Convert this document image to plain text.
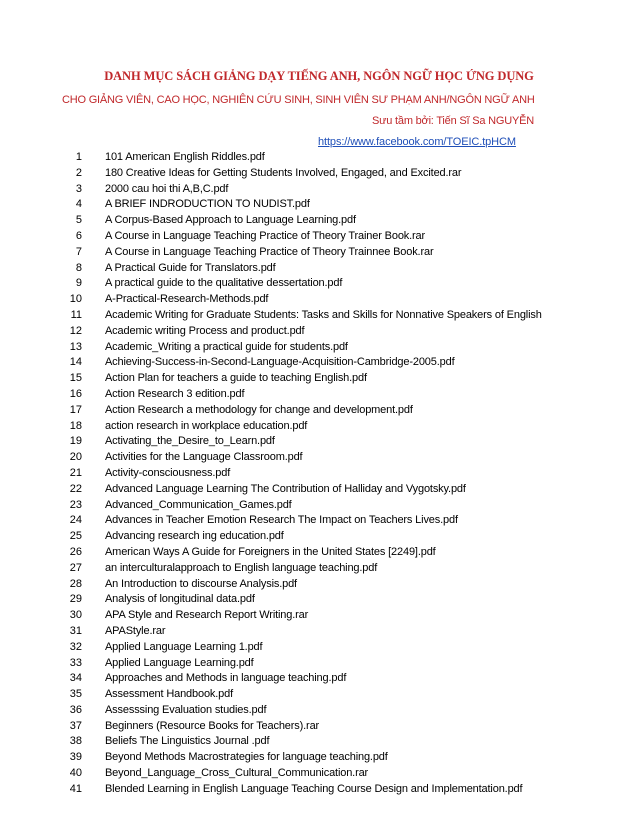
DANH MỤC SÁCH GIẢNG DẠY TIẾNG ANH, NGÔN NGỮ HỌC ỨNG DỤNG
CHO GIẢNG VIÊN, CAO HỌC, NGHIÊN CỨU SINH, SINH VIÊN SƯ PHẠM ANH/NGÔN NGỮ ANH
Sưu tầm bởi: Tiến Sĩ Sa NGUYỄN
https://www.facebook.com/TOEIC.tpHCM
1 101 American English Riddles.pdf
2 180 Creative Ideas for Getting Students Involved, Engaged, and Excited.rar
3 2000 cau hoi thi A,B,C.pdf
4 A BRIEF INDRODUCTION TO NUDIST.pdf
5 A Corpus-Based Approach to Language Learning.pdf
6 A Course in Language Teaching Practice of Theory Trainer Book.rar
7 A Course in Language Teaching Practice of Theory Trainnee Book.rar
8 A Practical Guide for Translators.pdf
9 A practical guide to the qualitative dessertation.pdf
10 A-Practical-Research-Methods.pdf
11 Academic Writing for Graduate Students: Tasks and Skills for Nonnative Speakers of English
12 Academic writing Process and product.pdf
13 Academic_Writing a practical guide for students.pdf
14 Achieving-Success-in-Second-Language-Acquisition-Cambridge-2005.pdf
15 Action Plan for teachers a guide to teaching English.pdf
16 Action Research 3 edition.pdf
17 Action Research a methodology for change and development.pdf
18 action research in workplace education.pdf
19 Activating_the_Desire_to_Learn.pdf
20 Activities for the Language Classroom.pdf
21 Activity-consciousness.pdf
22 Advanced Language Learning The Contribution of Halliday and Vygotsky.pdf
23 Advanced_Communication_Games.pdf
24 Advances in Teacher Emotion Research The Impact on Teachers Lives.pdf
25 Advancing research ing education.pdf
26 American Ways A Guide for Foreigners in the United States [2249].pdf
27 an interculturalapproach to English language teaching.pdf
28 An Introduction to discourse Analysis.pdf
29 Analysis of longitudinal data.pdf
30 APA Style and Research Report Writing.rar
31 APAStyle.rar
32 Applied Language Learning 1.pdf
33 Applied Language Learning.pdf
34 Approaches and Methods in language teaching.pdf
35 Assessment Handbook.pdf
36 Assesssing Evaluation studies.pdf
37 Beginners (Resource Books for Teachers).rar
38 Beliefs The Linguistics Journal .pdf
39 Beyond Methods Macrostrategies for language teaching.pdf
40 Beyond_Language_Cross_Cultural_Communication.rar
41 Blended Learning in English Language Teaching Course Design and Implementation.pdf
